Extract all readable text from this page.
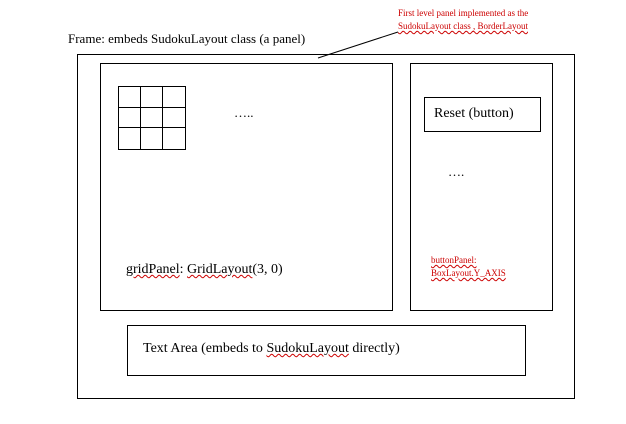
First level panel implemented as the
SudokuLayout class , BorderLayout
Frame: embeds SudokuLayout class (a panel)
…..
gridPanel: GridLayout(3, 0)
Reset (button)
….
buttonPanel:
BoxLayout.Y_AXIS
Text Area (embeds to SudokuLayout directly)
